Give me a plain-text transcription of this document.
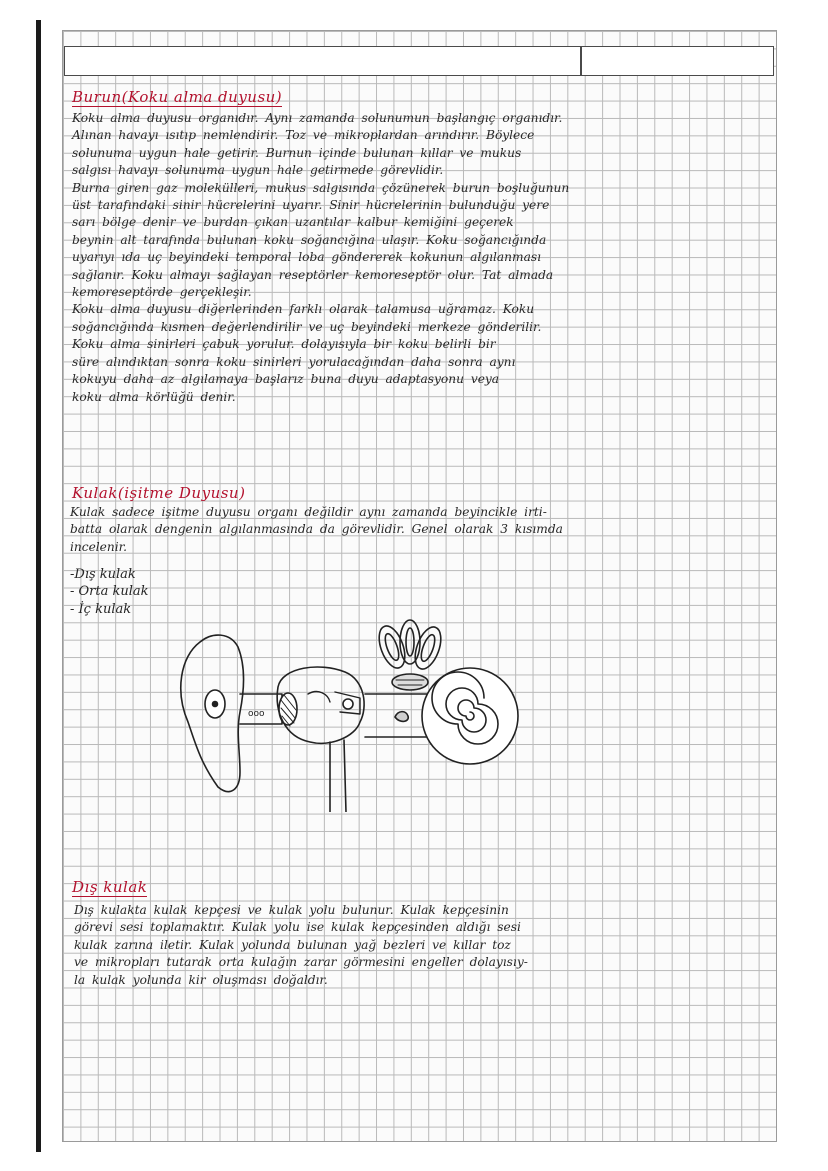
Burun(Koku alma duyusu)
Koku alma duyusu organıdır. Aynı zamanda solunumun başlangıç organıdır.
Alınan havayı ısıtıp nemlendirir. Toz ve mikroplardan arındırır. Böylece
solunuma uygun hale getirir. Burnun içinde bulunan kıllar ve mukus
salgısı havayı solunuma uygun hale getirmede görevlidir.
Burna giren gaz molekülleri, mukus salgısında çözünerek burun boşluğunun
üst tarafındaki sinir hücrelerini uyarır. Sinir hücrelerinin bulunduğu yere
sarı bölge denir ve burdan çıkan uzantılar kalbur kemiğini geçerek
beynin alt tarafında bulunan koku soğancığına ulaşır. Koku soğancığında
uyarıyı ıda uç beyindeki temporal loba göndererek kokunun algılanması
sağlanır. Koku almayı sağlayan reseptörler kemoreseptör olur. Tat almada
kemoreseptörde gerçekleşir.
Koku alma duyusu diğerlerinden farklı olarak talamusa uğramaz. Koku
soğancığında kısmen değerlendirilir ve uç beyindeki merkeze gönderilir.
Koku alma sinirleri çabuk yorulur. dolayısıyla bir koku belirli bir
süre alındıktan sonra koku sinirleri yorulacağından daha sonra aynı
kokuyu daha az algılamaya başlarız buna duyu adaptasyonu veya
koku alma körlüğü denir.
Kulak(işitme Duyusu)
Kulak sadece işitme duyusu organı değildir aynı zamanda beyincikle irti-
batta olarak dengenin algılanmasında da görevlidir. Genel olarak 3 kısımda
incelenir.
-Dış kulak
- Orta kulak
- İç kulak
ooo
Dış kulak
Dış kulakta kulak kepçesi ve kulak yolu bulunur. Kulak kepçesinin
görevi sesi toplamaktır. Kulak yolu ise kulak kepçesinden aldığı sesi
kulak zarına iletir. Kulak yolunda bulunan yağ bezleri ve kıllar toz
ve mikropları tutarak orta kulağın zarar görmesini engeller dolayısıy-
la kulak yolunda kir oluşması doğaldır.
